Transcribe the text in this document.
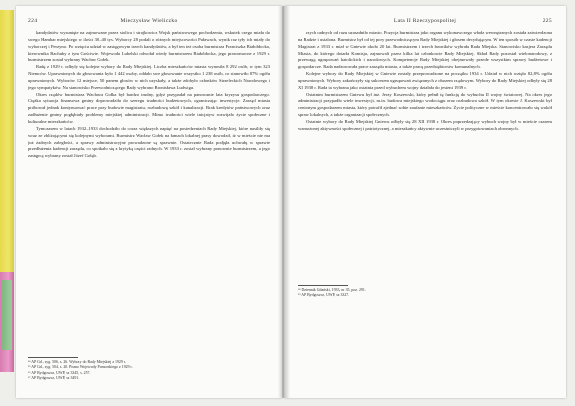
224	Mieczysław Wieliczko

kandydatów wysunięte na zajmowane przez stolica i strajkowicz Wojsk państwowego pochodzenia, wskutek czego miała do swego Hambar miejskiego w ilości 30–40 tys. Wyborcy 28 podali o różnych miejscowości Puławach, wynik raz tyły ich miały do wyborczej i Perzyno. Po wzięciu udział w zasięgowym trzech kandydatów, a był ten też osoba burmistrza Franciszka Białobłocka, kierownika Rachuby z tym Gościwie. Wojewoda Lubelski odwołał wtedy burmistrzem Białobłocka, jego prawomocne z 1929 r. burmistrzem został wybrany Wacław Gołek.

Radę z 1929 r. odbyły się kolejne wybory do Rady Miejskiej. Liczba mieszkańców miasta wynosiła 8 292 osób, w tym 323 Niemców. Uprawnionych do głosowania było 1 442 osoby, oddało swe głosowanie wszystko 1 238 osób, co stanowiło 87% ogółu uprawnionych. Wyborów 12 miejsce, 50 panem głosów w nich uzyskały, a także zdobyło członków Strzeleckich Narodowego i jego sympatyków. Na stanowisko Przewodniczącego Rady wybrano Bronisława Ludwiga.

Okres rządów burmistrza Wacława Gołka był bardzo trudny, gdyż przypadał na panowanie lata kryzysu gospodarczego. Ciężka sytuacja finansowa gminy doprowadziła do szeregu trudności budżetowych, ograniczając inwestycje. Zarząd miasta próbował jednak kontynuować prace przy budowie magistratu, rozbudowę szkół i kanalizacji. Brak kredytów państwowych oraz zadłużenie gminy pogłębiały problemy miejskiej administracji. Mimo trudności wiele inicjatyw rozwijało życie społeczne i kulturalne mieszkańców.

Tymczasem w latach 1932–1933 dochodziło do coraz większych napięć na posiedzeniach Rady Miejskiej, które nasiliły się wraz ze zbliżającymi się kolejnymi wyborami. Burmistrz Wacław Gołek na łamach lokalnej prasy dowodził, iż w mieście nie ma już żadnych zaległości, a sprawy administracyjne prowadzone są sprawnie. Ostatecznie Rada podjęła uchwałę w sprawie przedłużenia kadencji zarządu, co spotkało się z krytyką części radnych. W 1933 r. został wybrany ponownie burmistrzem, a jego zastępcą wybrany został Józef Gołąb.

¹⁴ AP Gd., syg. 506, s. 26. Wybory do Rady Miejskiej z 1929 r.
¹⁵ AP Gd., syg. 504, s. 20. Pismo Wojewody Pomorskiego z 1929 r.
¹⁶ AP Bydgoszcz, UWP, sz 3345, s. 257.
¹⁷ AP Bydgoszcz, UWP, sz 3491.
Lata II Rzeczypospolitej	225

rzych radnych od razu uzasadniło miasto. Pozycja burmistrza jako organu wykonawczego władz wewnętrznych została zatwierdzona na Radzie i ustalona. Burmistrz był od tej pory przewodniczącym Rady Miejskiej i głosem decydującym. W ten sposób w czasie kadencji Magistrat z 1933 r. miał w Gniewie około 20 lat. Burmistrzem i trzech ławników wybrała Rada Miejska. Stanowisko kasjera Zarządu Miasta, do którego dotarła Komisja, zajmowali przez kilka lat członkowie Rady Miejskiej. Skład Rady pozostał wielonarodowy, z przewagą ugrupowań katolickich i narodowych. Kompetencje Rady Miejskiej obejmowały przede wszystkim sprawy budżetowe i gospodarcze. Rada nadzorowała prace zarządu miasta, a także pracę przedsiębiorstw komunalnych.

Kolejne wybory do Rady Miejskiej w Gniewie zostały przeprowadzone na początku 1934 r. Udział w nich wzięło 82,8% ogółu uprawnionych. Wybory zakończyły się sukcesem ugrupowań związanych z obozem rządowym. Wybory do Rady Miejskiej odbyły się 28 XI 1938 r. Rada ta wybrana jako ostatnia przed wybuchem wojny działała do jesieni 1939 r.

Ostatnim burmistrzem Gniewu był inż. Jerzy Koszewski, który pełnił tę funkcję do wybuchu II wojny światowej. Na okres jego administracji przypadło wiele inwestycji, m.in. budowa miejskiego wodociągu oraz rozbudowa szkół. W tym okresie J. Koszewski był cenionym gospodarzem miasta, który potrafił zjednać sobie zaufanie mieszkańców. Życie polityczne w mieście koncentrowało się wokół spraw lokalnych, a także organizacji społecznych.

Ostatnie wybory do Rady Miejskiej Gniewu odbyły się 28 XII 1938 r. Okres poprzedzający wybuch wojny był w mieście czasem wzmożonej aktywności społecznej i patriotycznej, a mieszkańcy aktywnie uczestniczyli w przygotowaniach obronnych.

¹⁸ Dziennik Gdański, 1933, nr 35, poz. 291.
¹⁹ AP Bydgoszcz, UWP, sz 3327.
